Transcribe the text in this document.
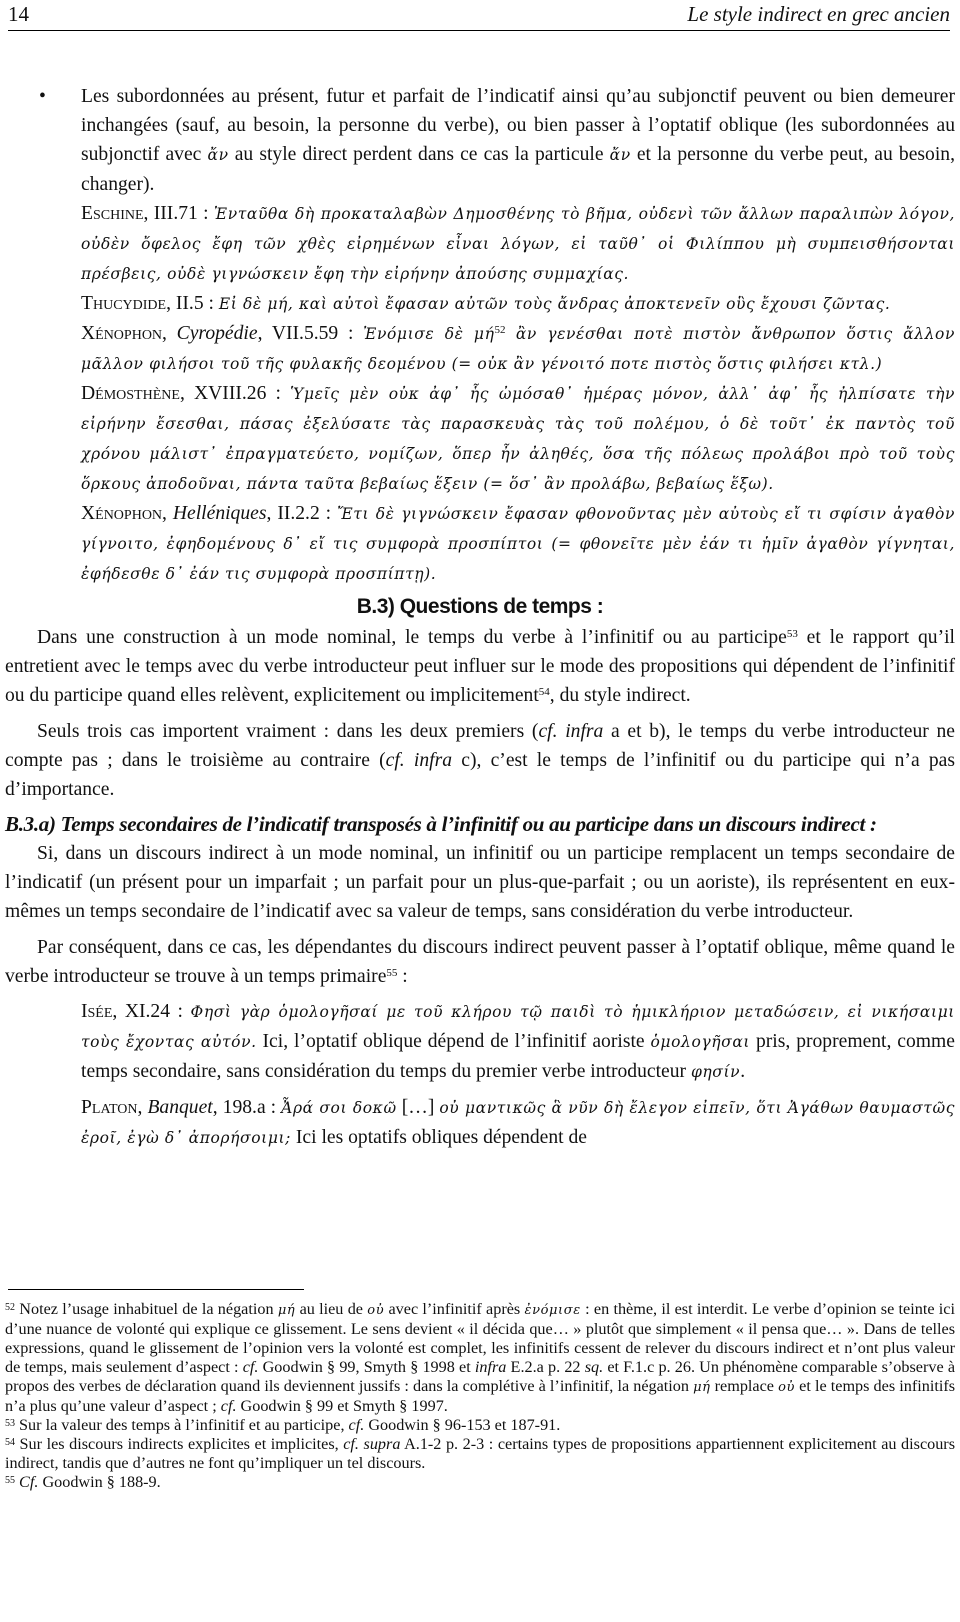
14	Le style indirect en grec ancien

• Les subordonnées au présent, futur et parfait de l’indicatif ainsi qu’au subjonctif peuvent ou bien demeurer inchangées (sauf, au besoin, la personne du verbe), ou bien passer à l’optatif oblique (les subordonnées au subjonctif avec ἄν au style direct perdent dans ce cas la particule ἄν et la personne du verbe peut, au besoin, changer).

Eschine, III.71 : Ἐνταῦθα δὴ προκαταλαβὼν Δημοσθένης τὸ βῆμα, οὐδενὶ τῶν ἄλλων παραλιπὼν λόγον, οὐδὲν ὄφελος ἔφη τῶν χθὲς εἰρημένων εἶναι λόγων, εἰ ταῦθ᾽ οἱ Φιλίππου μὴ συμπεισθήσονται πρέσβεις, οὐδὲ γιγνώσκειν ἔφη τὴν εἰρήνην ἀπούσης συμμαχίας.

Thucydide, II.5 : Εἰ δὲ μή, καὶ αὐτοὶ ἔφασαν αὐτῶν τοὺς ἄνδρας ἀποκτενεῖν οὓς ἔχουσι ζῶντας.

Xénophon, Cyropédie, VII.5.59 : Ἐνόμισε δὲ $\mu ή^{52}$ ἂν γενέσθαι ποτὲ πιστὸν ἄνθρωπον ὅστις ἄλλον μᾶλλον φιλήσοι τοῦ τῆς φυλακῆς δεομένου (= οὐκ ἂν γένοιτό ποτε πιστὸς ὅστις φιλήσει κτλ.)

Démosthène, XVIII.26 : Ὑμεῖς μὲν οὐκ ἀφ᾽ ἧς ὠμόσαθ᾽ ἡμέρας μόνον, ἀλλ᾽ ἀφ᾽ ἧς ἠλπίσατε τὴν εἰρήνην ἔσεσθαι, πάσας ἐξελύσατε τὰς παρασκευὰς τὰς τοῦ πολέμου, ὁ δὲ τοῦτ᾽ ἐκ παντὸς τοῦ χρόνου μάλιστ᾽ ἐπραγματεύετο, νομίζων, ὅπερ ἦν ἀληθές, ὅσα τῆς πόλεως προλάβοι πρὸ τοῦ τοὺς ὅρκους ἀποδοῦναι, πάντα ταῦτα βεβαίως ἕξειν (= ὅσ᾽ ἂν προλάβω, βεβαίως ἕξω).

Xénophon, Helléniques, II.2.2 : Ἔτι δὲ γιγνώσκειν ἔφασαν φθονοῦντας μὲν αὐτοὺς εἴ τι σφίσιν ἀγαθὸν γίγνοιτο, ἐφηδομένους δ᾽ εἴ τις συμφορὰ προσπίπτοι (= φθονεῖτε μὲν ἐάν τι ἡμῖν ἀγαθὸν γίγνηται, ἐφήδεσθε δ᾽ ἐάν τις συμφορὰ προσπίπτῃ).

B.3) Questions de temps :

Dans une construction à un mode nominal, le temps du verbe à l’infinitif ou au participe$^{53}$ et le rapport qu’il entretient avec le temps avec du verbe introducteur peut influer sur le mode des propositions qui dépendent de l’infinitif ou du participe quand elles relèvent, explicitement ou implicitement$^{54}$, du style indirect.

Seuls trois cas importent vraiment : dans les deux premiers (cf. infra a et b), le temps du verbe introducteur ne compte pas ; dans le troisième au contraire (cf. infra c), c’est le temps de l’infinitif ou du participe qui n’a pas d’importance.

B.3.a) Temps secondaires de l’indicatif transposés à l’infinitif ou au participe dans un discours indirect :

Si, dans un discours indirect à un mode nominal, un infinitif ou un participe remplacent un temps secondaire de l’indicatif (un présent pour un imparfait ; un parfait pour un plus-que-parfait ; ou un aoriste), ils représentent en eux-mêmes un temps secondaire de l’indicatif avec sa valeur de temps, sans considération du verbe introducteur.

Par conséquent, dans ce cas, les dépendantes du discours indirect peuvent passer à l’optatif oblique, même quand le verbe introducteur se trouve à un temps primaire$^{55}$ :

Isée, XI.24 : Φησὶ γὰρ ὁμολογῆσαί με τοῦ κλήρου τῷ παιδὶ τὸ ἡμικλήριον μεταδώσειν, εἰ νικήσαιμι τοὺς ἔχοντας αὐτόν. Ici, l’optatif oblique dépend de l’infinitif aoriste ὁμολογῆσαι pris, proprement, comme temps secondaire, sans considération du temps du premier verbe introducteur φησίν.

Platon, Banquet, 198.a : Ἆρά σοι δοκῶ […] οὐ μαντικῶς ἃ νῦν δὴ ἔλεγον εἰπεῖν, ὅτι Ἀγάθων θαυμαστῶς ἐροῖ, ἐγὼ δ᾽ ἀπορήσοιμι; Ici les optatifs obliques dépendent de

$^{52}$ Notez l’usage inhabituel de la négation μή au lieu de οὐ avec l’infinitif après ἐνόμισε : en thème, il est interdit. Le verbe d’opinion se teinte ici d’une nuance de volonté qui explique ce glissement. Le sens devient « il décida que… » plutôt que simplement « il pensa que… ». Dans de telles expressions, quand le glissement de l’opinion vers la volonté est complet, les infinitifs cessent de relever du discours indirect et n’ont plus valeur de temps, mais seulement d’aspect : cf. Goodwin § 99, Smyth § 1998 et infra E.2.a p. 22 sq. et F.1.c p. 26. Un phénomène comparable s’observe à propos des verbes de déclaration quand ils deviennent jussifs : dans la complétive à l’infinitif, la négation μή remplace οὐ et le temps des infinitifs n’a plus qu’une valeur d’aspect ; cf. Goodwin § 99 et Smyth § 1997.

$^{53}$ Sur la valeur des temps à l’infinitif et au participe, cf. Goodwin § 96-153 et 187-91.

$^{54}$ Sur les discours indirects explicites et implicites, cf. supra A.1-2 p. 2-3 : certains types de propositions appartiennent explicitement au discours indirect, tandis que d’autres ne font qu’impliquer un tel discours.

$^{55}$ Cf. Goodwin § 188-9.
